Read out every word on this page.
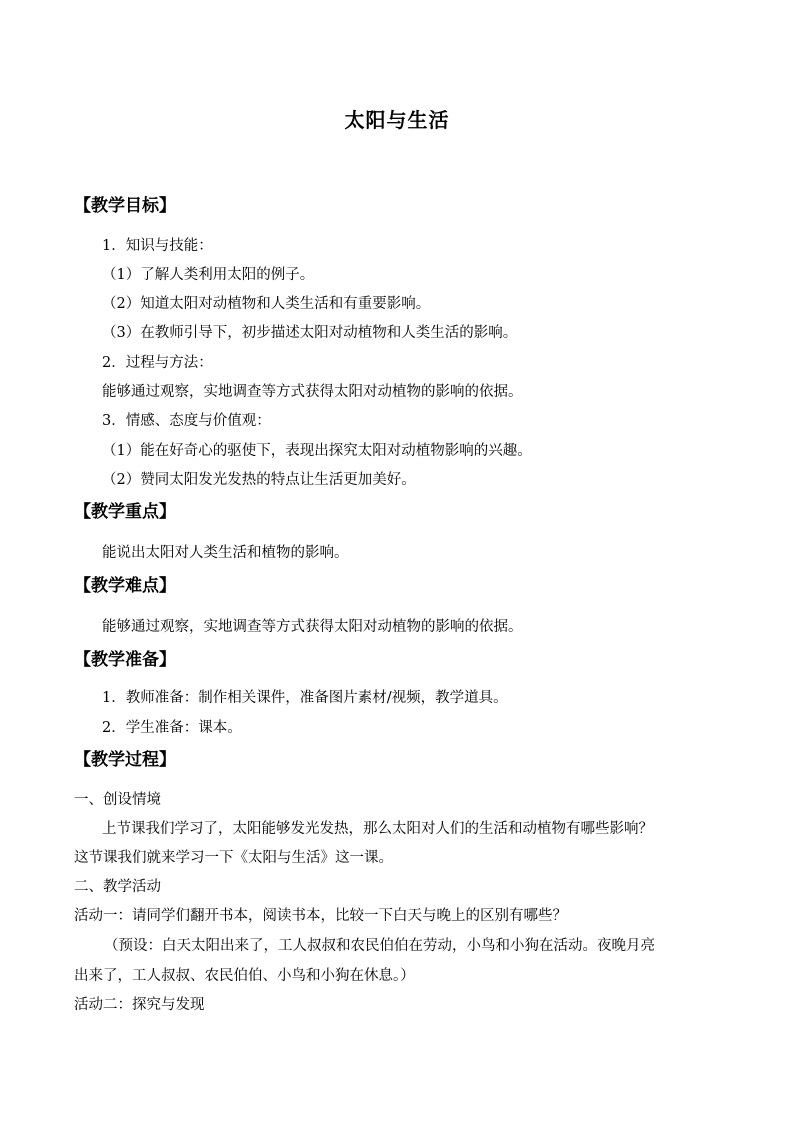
太阳与生活
【教学目标】
1．知识与技能：
（1）了解人类利用太阳的例子。
（2）知道太阳对动植物和人类生活和有重要影响。
（3）在教师引导下，初步描述太阳对动植物和人类生活的影响。
2．过程与方法：
能够通过观察，实地调查等方式获得太阳对动植物的影响的依据。
3．情感、态度与价值观：
（1）能在好奇心的驱使下，表现出探究太阳对动植物影响的兴趣。
（2）赞同太阳发光发热的特点让生活更加美好。
【教学重点】
能说出太阳对人类生活和植物的影响。
【教学难点】
能够通过观察，实地调查等方式获得太阳对动植物的影响的依据。
【教学准备】
1．教师准备：制作相关课件，准备图片素材/视频，教学道具。
2．学生准备：课本。
【教学过程】
一、创设情境
上节课我们学习了，太阳能够发光发热，那么太阳对人们的生活和动植物有哪些影响？
这节课我们就来学习一下《太阳与生活》这一课。
二、教学活动
活动一：请同学们翻开书本，阅读书本，比较一下白天与晚上的区别有哪些？
（预设：白天太阳出来了，工人叔叔和农民伯伯在劳动，小鸟和小狗在活动。夜晚月亮
出来了，工人叔叔、农民伯伯、小鸟和小狗在休息。）
活动二：探究与发现
